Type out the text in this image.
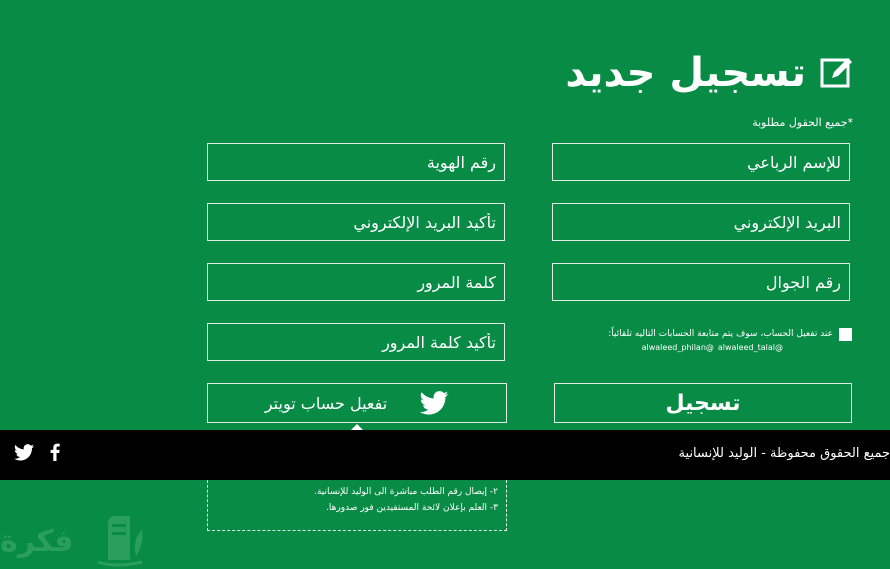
تسجيل جديد
*جميع الحقول مطلوبة
للإسم الرباعي
رقم الهوية
البريد الإلكتروني
تأكيد البريد الإلكتروني
رقم الجوال
كلمة المرور
تأكيد كلمة المرور
عند تفعيل الحساب، سوف يتم متابعة الحسابات التاليه تلقائياً:
@alwaleed_talal
@alwaleed_philan
تسجيل
تفعيل حساب تويتر
جميع الحقوق محفوظة - الوليد للإنسانية
٢- إيصال رقم الطلب مباشرة الى الوليد للإنسانية.
٣- العلم بإعلان لائحة المستفيدين فور صدورها.
فكرة
